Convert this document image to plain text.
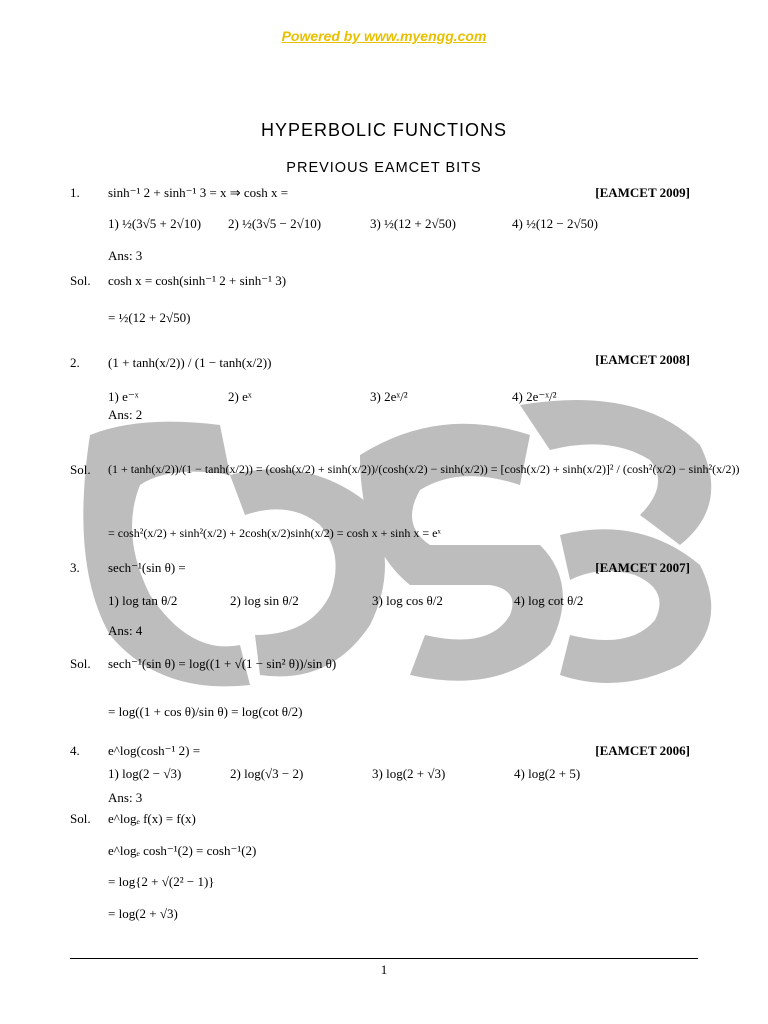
Powered by www.myengg.com
HYPERBOLIC FUNCTIONS
PREVIOUS EAMCET BITS
1. sinh⁻¹ 2 + sinh⁻¹ 3 = x ⇒ cosh x =	[EAMCET 2009]
1) ½(3√5 + 2√10) 2) ½(3√5 − 2√10)	3) ½(12 + 2√50)	4) ½(12 − 2√50)
Ans: 3
Sol. cosh x = cosh(sinh⁻¹ 2 + sinh⁻¹ 3)
= ½(12 + 2√50)
2. (1 + tanh(x/2)) / (1 − tanh(x/2))	[EAMCET 2008]
1) e⁻ˣ	2) eˣ	3) 2eˣ/²	4) 2e⁻ˣ/²
Ans: 2
Sol. (1 + tanh(x/2))/(1 − tanh(x/2)) = (cosh(x/2) + sinh(x/2))/(cosh(x/2) − sinh(x/2)) = [cosh(x/2) + sinh(x/2)]² / (cosh²(x/2) − sinh²(x/2))
= cosh²(x/2) + sinh²(x/2) + 2cosh(x/2)sinh(x/2) = cosh x + sinh x = eˣ
3. sech⁻¹(sin θ) =	[EAMCET 2007]
1) log tan θ/2	2) log sin θ/2	3) log cos θ/2	4) log cot θ/2
Ans: 4
Sol. sech⁻¹(sin θ) = log((1 + √(1 − sin² θ))/sin θ)
= log((1 + cos θ)/sin θ) = log(cot θ/2)
4. e^log(cosh⁻¹ 2) =	[EAMCET 2006]
1) log(2 − √3)	2) log(√3 − 2)	3) log(2 + √3)	4) log(2 + 5)
Ans: 3
Sol. e^logₑ f(x) = f(x)
e^logₑ cosh⁻¹(2) = cosh⁻¹(2)
= log{2 + √(2² − 1)}
= log(2 + √3)
1
